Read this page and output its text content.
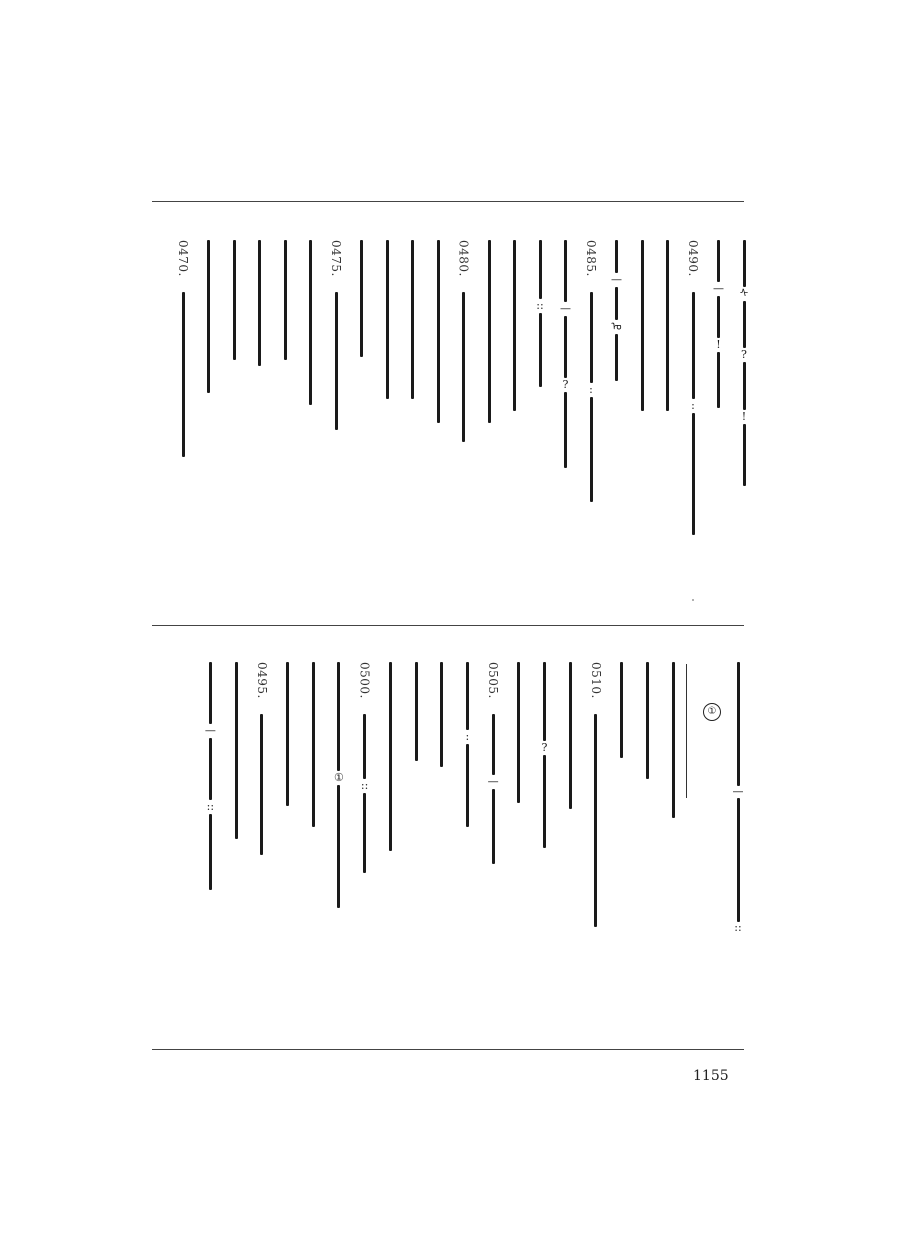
ᠰ
?
!
—
!
0490.
:
—
ᠣ
0485.
:
—
?
::
0480.
0475.
0470.
0510.
?
0505.
—
:
0500.
::
①
0495.
—
::
—
::
①
1155
